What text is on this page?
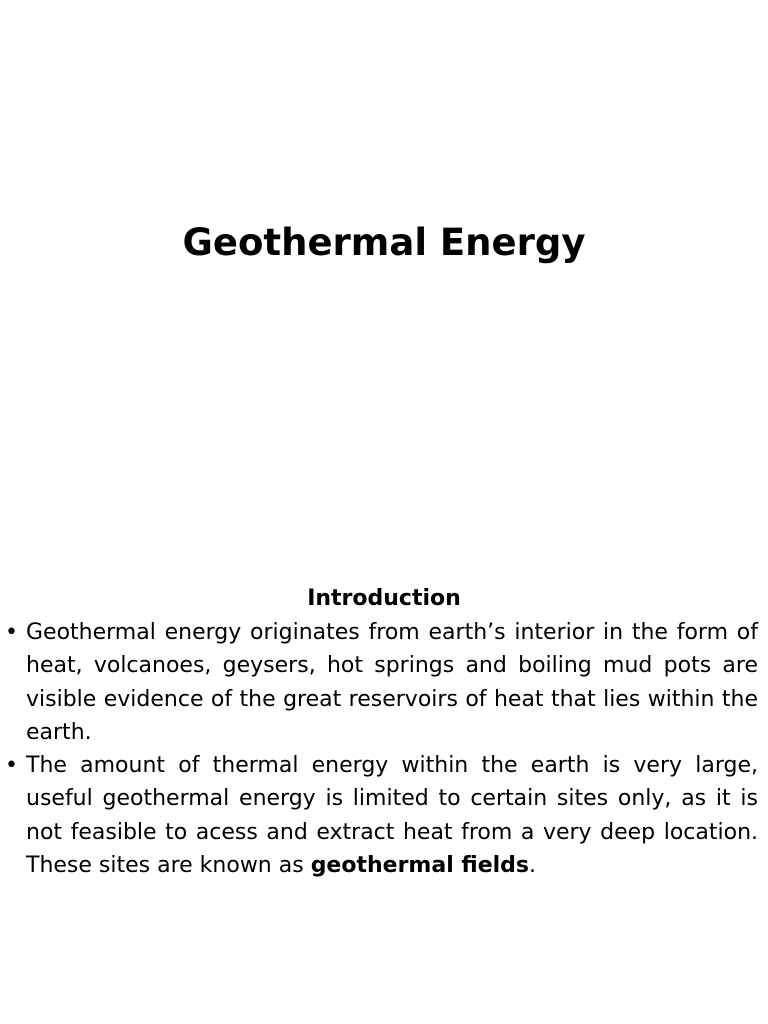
Geothermal Energy
Introduction
• Geothermal energy originates from earth’s interior in the form of heat, volcanoes, geysers, hot springs and boiling mud pots are visible evidence of the great reservoirs of heat that lies within the earth.
• The amount of thermal energy within the earth is very large, useful geothermal energy is limited to certain sites only, as it is not feasible to acess and extract heat from a very deep location. These sites are known as geothermal fields.
